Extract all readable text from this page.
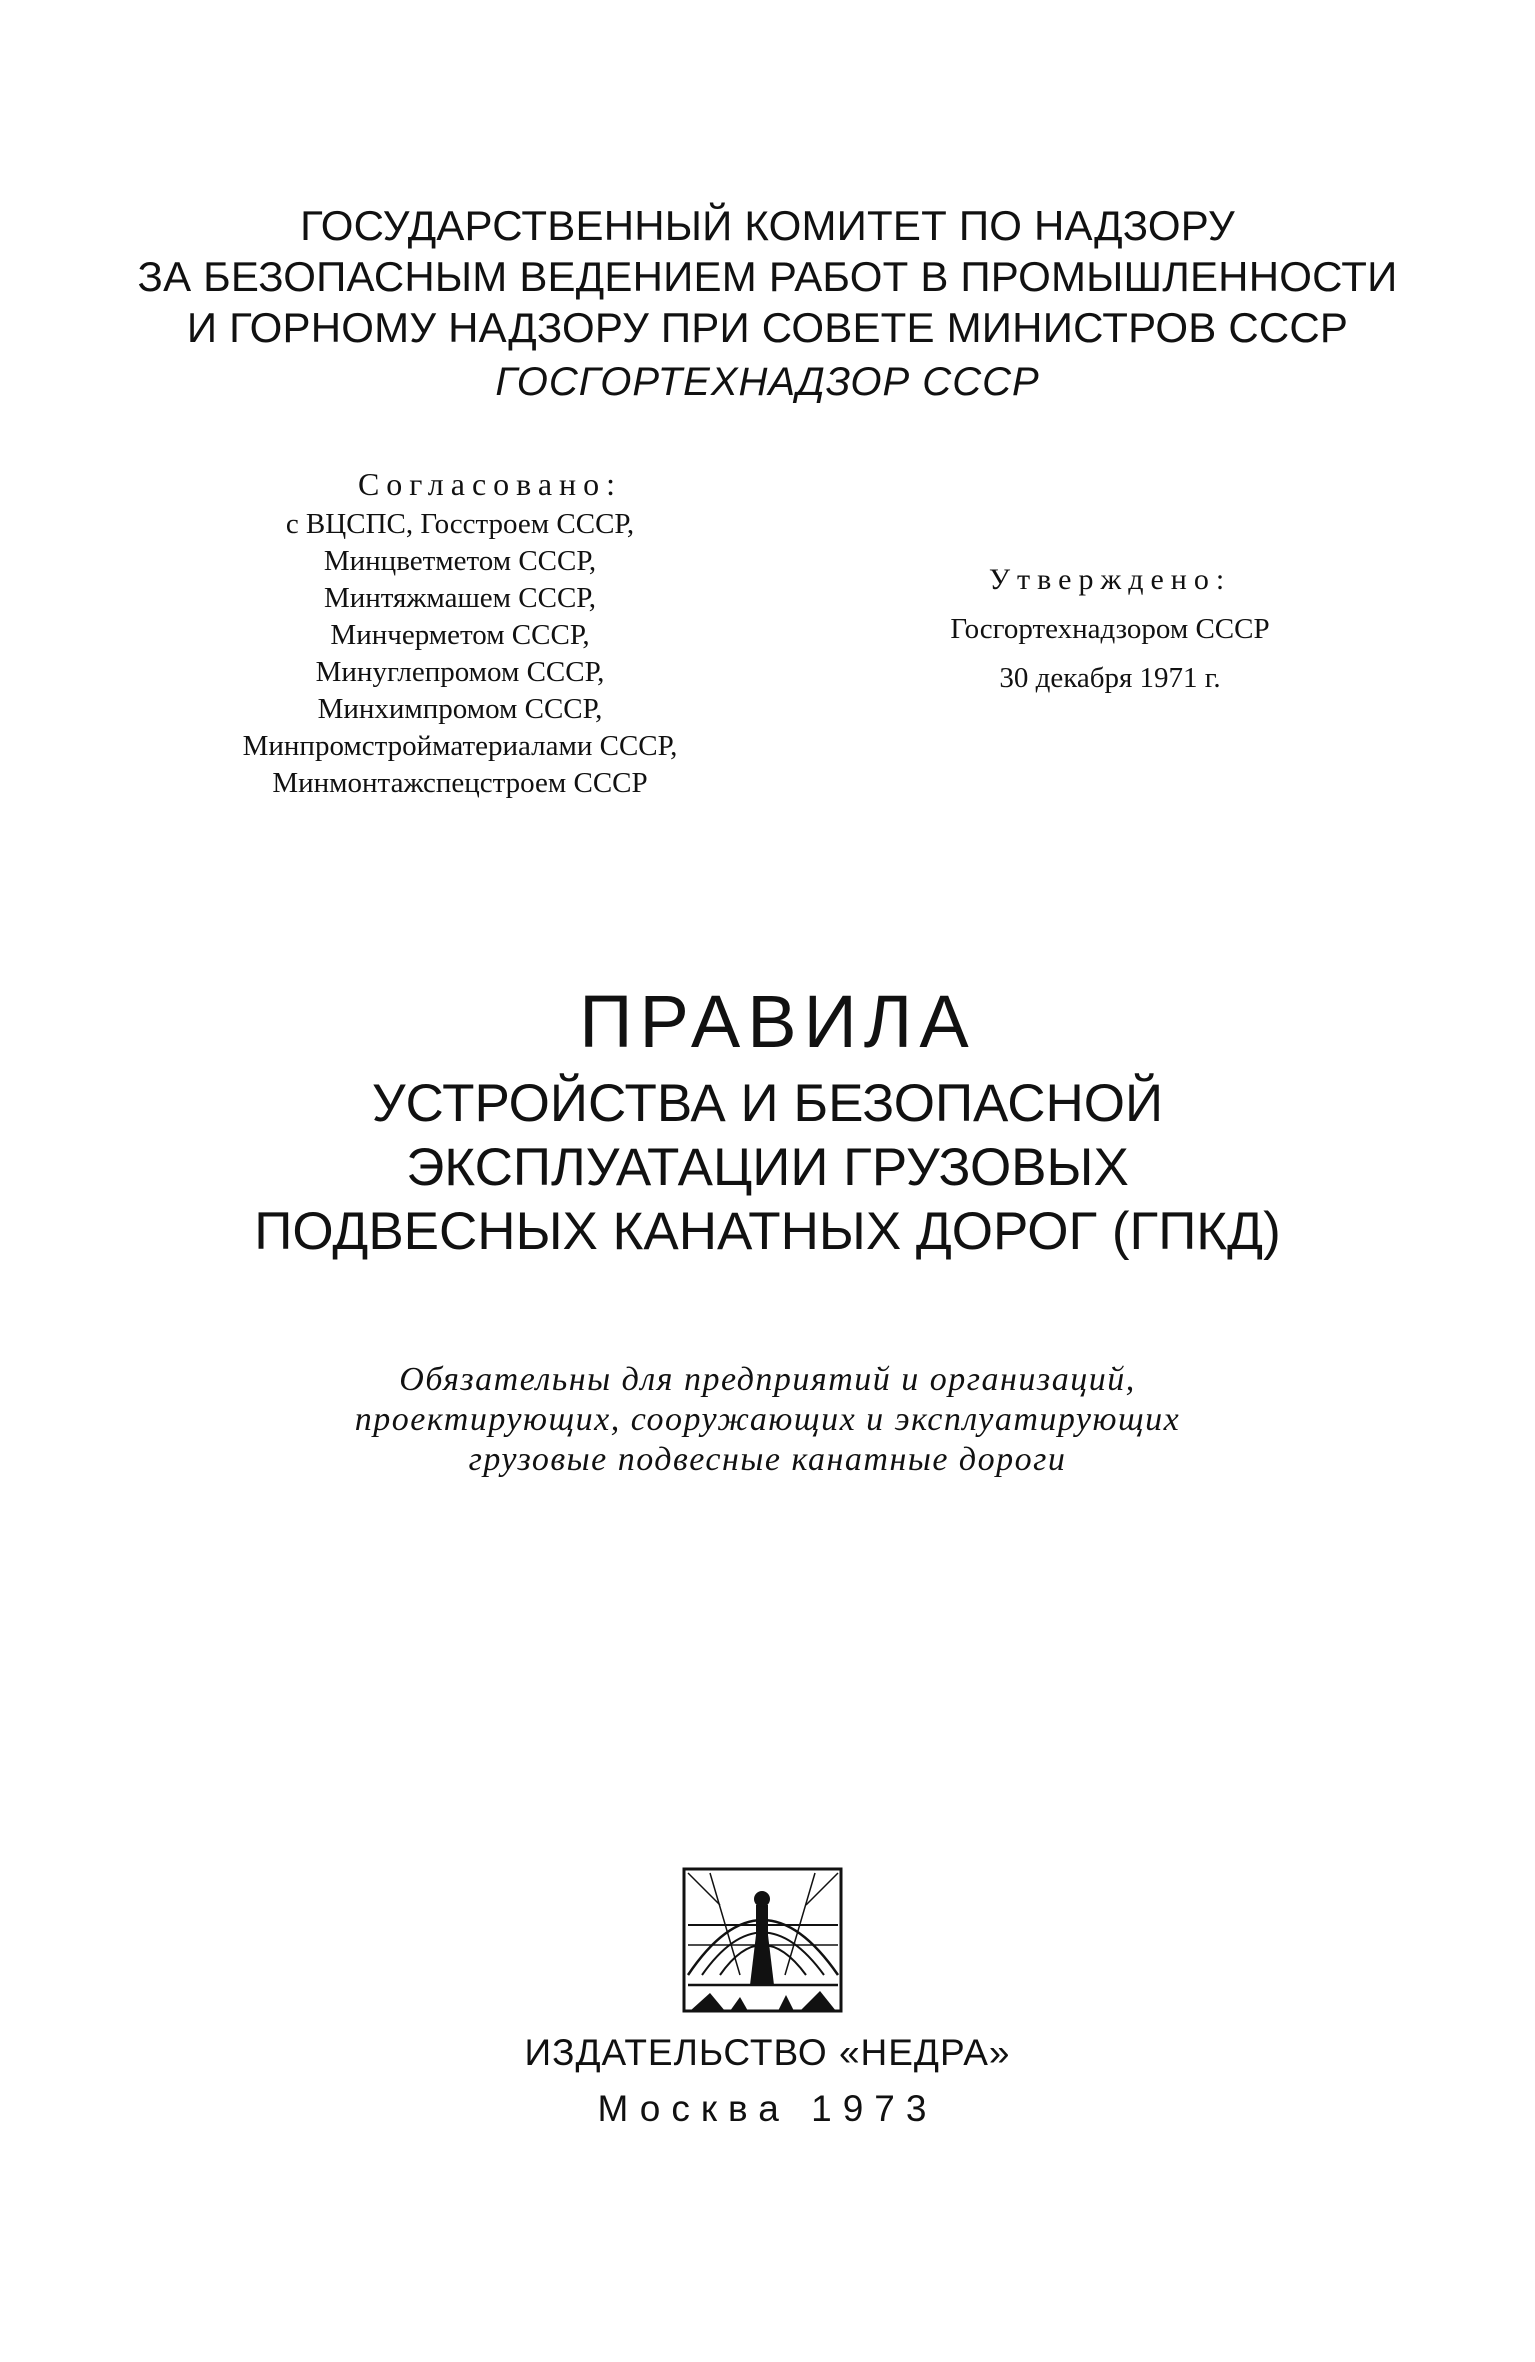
ГОСУДАРСТВЕННЫЙ КОМИТЕТ ПО НАДЗОРУ
ЗА БЕЗОПАСНЫМ ВЕДЕНИЕМ РАБОТ В ПРОМЫШЛЕННОСТИ
И ГОРНОМУ НАДЗОРУ ПРИ СОВЕТЕ МИНИСТРОВ СССР
ГОСГОРТЕХНАДЗОР СССР
Согласовано:
с ВЦСПС, Госстроем СССР,
Минцветметом СССР,
Минтяжмашем СССР,
Минчерметом СССР,
Минуглепромом СССР,
Минхимпромом СССР,
Минпромстройматериалами СССР,
Минмонтажспецстроем СССР
Утверждено:
Госгортехнадзором СССР
30 декабря 1971 г.
ПРАВИЛА
УСТРОЙСТВА И БЕЗОПАСНОЙ
ЭКСПЛУАТАЦИИ ГРУЗОВЫХ
ПОДВЕСНЫХ КАНАТНЫХ ДОРОГ (ГПКД)
Обязательны для предприятий и организаций,
проектирующих, сооружающих и эксплуатирующих
грузовые подвесные канатные дороги
ИЗДАТЕЛЬСТВО «НЕДРА»
Москва 1973
